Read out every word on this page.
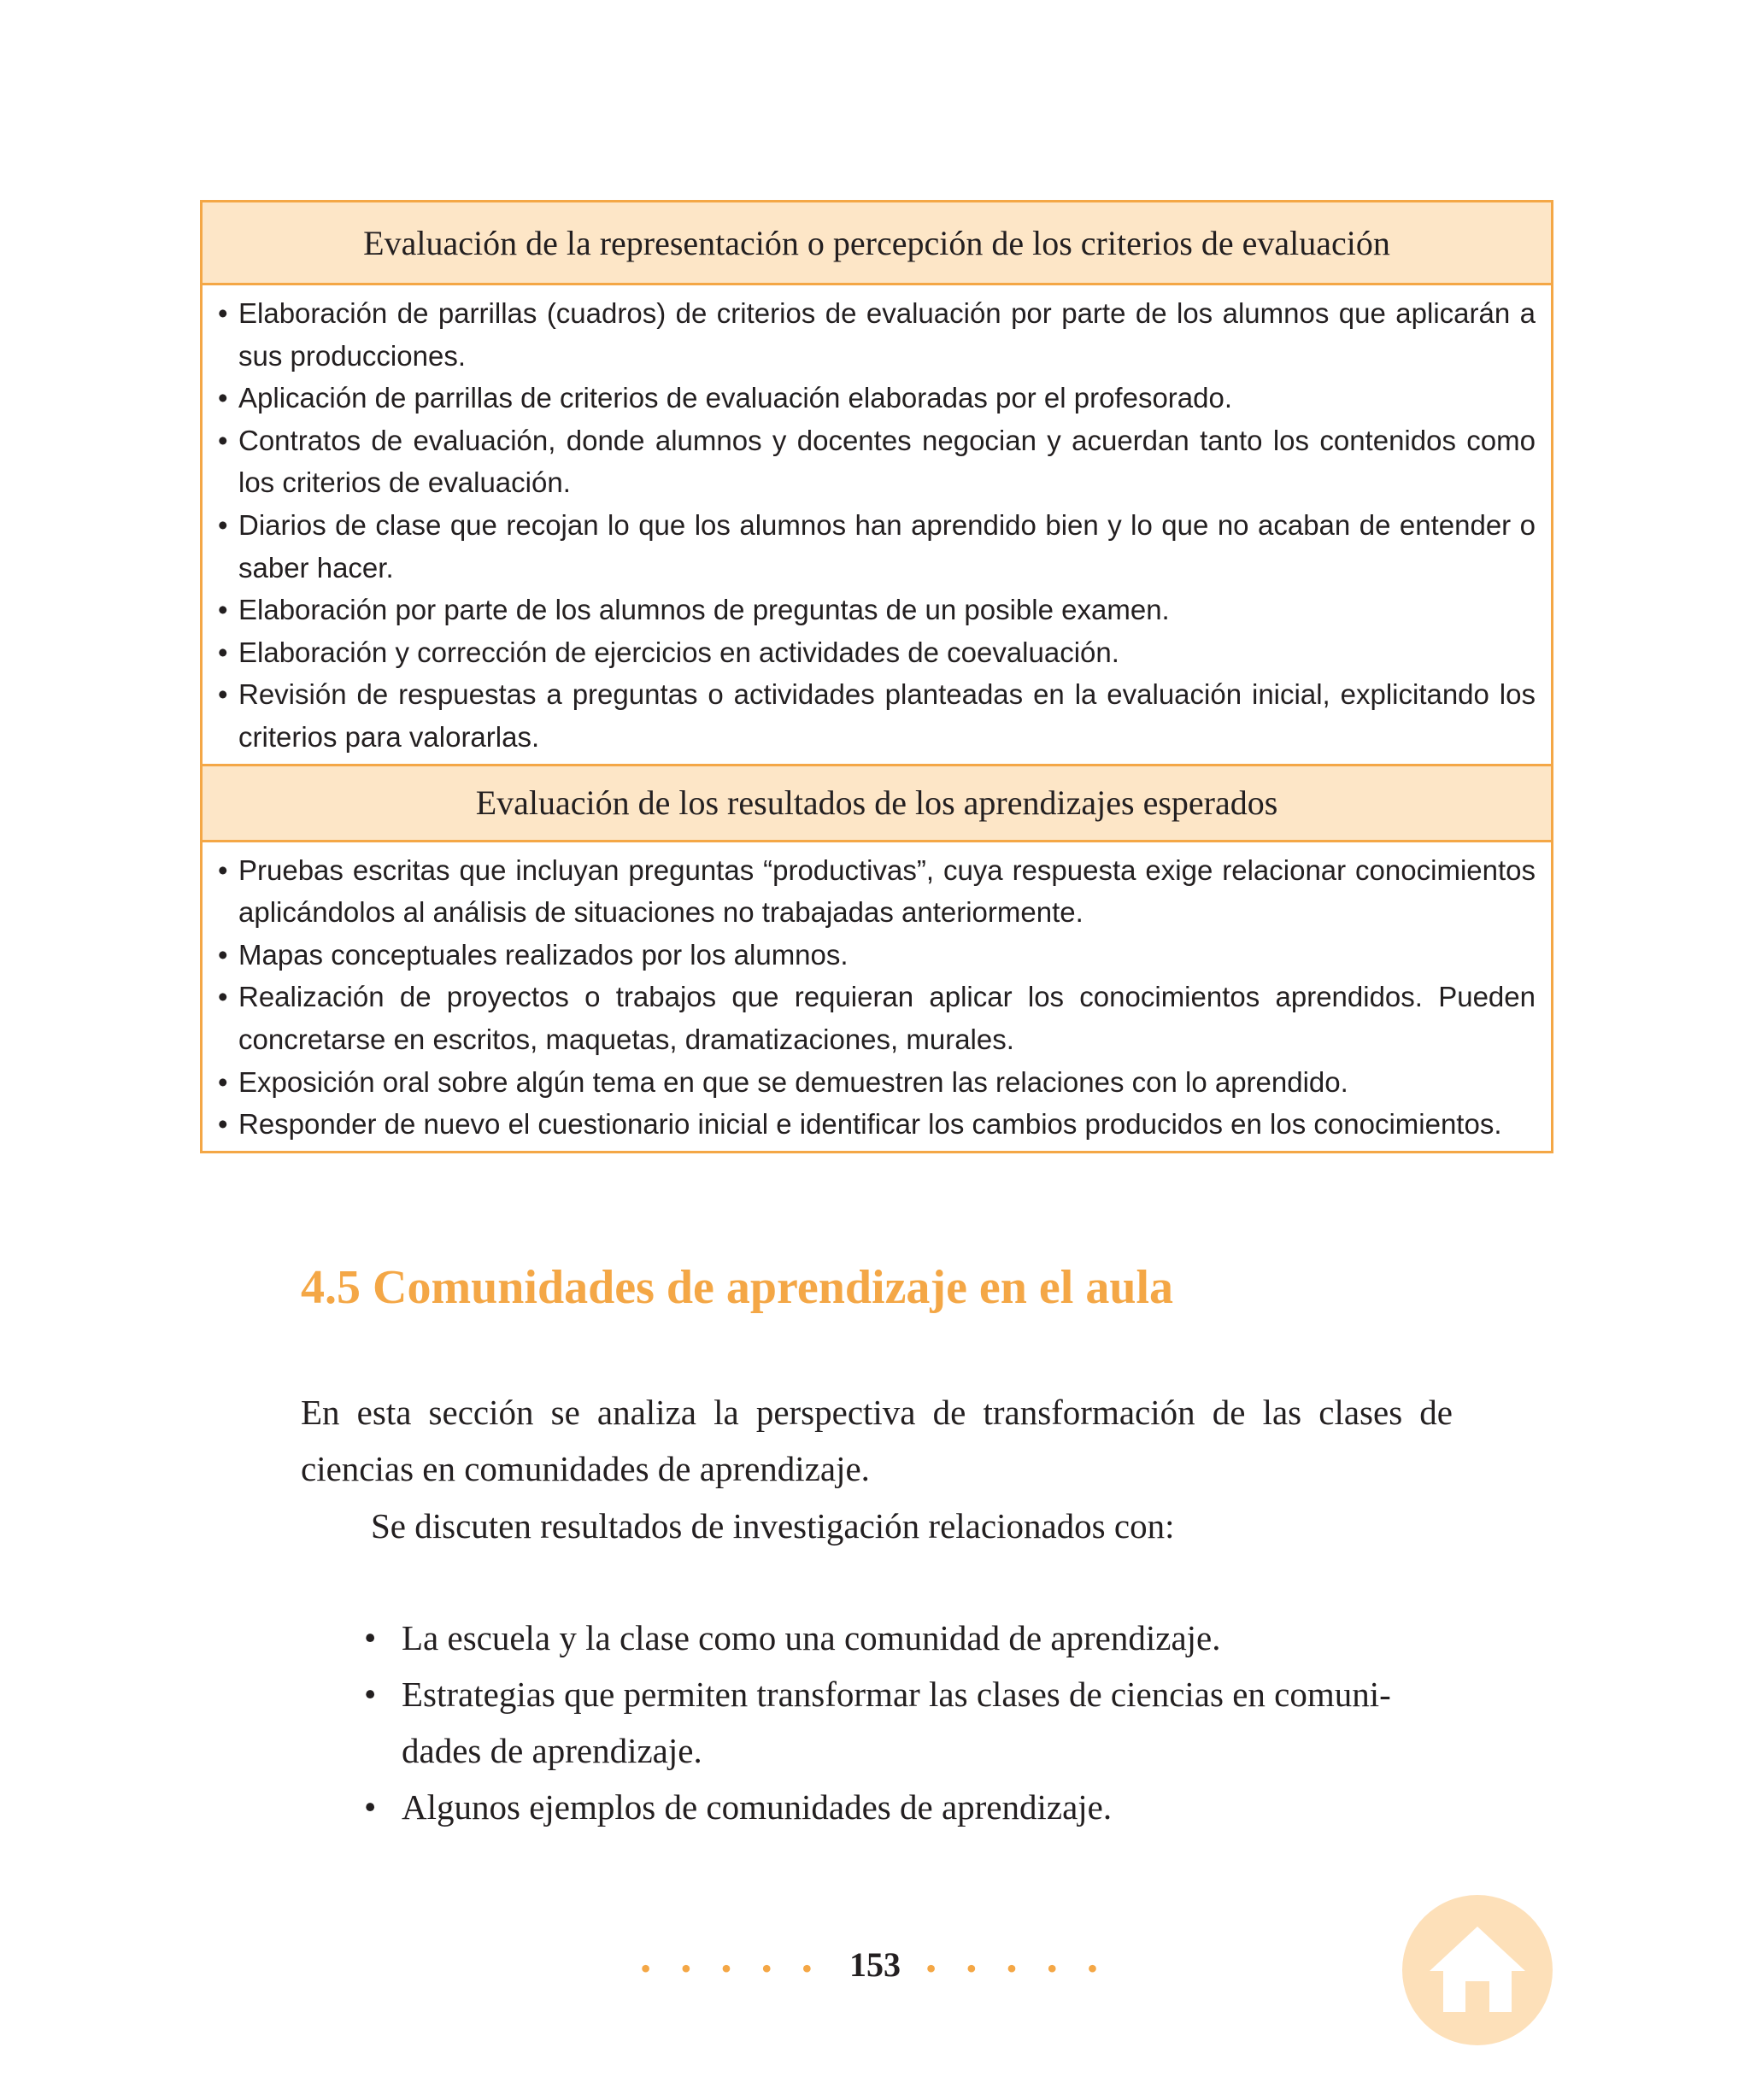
Evaluación de la representación o percepción de los criterios de evaluación
• Elaboración de parrillas (cuadros) de criterios de evaluación por parte de los alumnos que aplicarán a sus producciones.
• Aplicación de parrillas de criterios de evaluación elaboradas por el profesorado.
• Contratos de evaluación, donde alumnos y docentes negocian y acuerdan tanto los contenidos como los criterios de evaluación.
• Diarios de clase que recojan lo que los alumnos han aprendido bien y lo que no acaban de entender o saber hacer.
• Elaboración por parte de los alumnos de preguntas de un posible examen.
• Elaboración y corrección de ejercicios en actividades de coevaluación.
• Revisión de respuestas a preguntas o actividades planteadas en la evaluación inicial, explicitando los criterios para valorarlas.
Evaluación de los resultados de los aprendizajes esperados
• Pruebas escritas que incluyan preguntas “productivas”, cuya respuesta exige relacionar conocimientos aplicándolos al análisis de situaciones no trabajadas anteriormente.
• Mapas conceptuales realizados por los alumnos.
• Realización de proyectos o trabajos que requieran aplicar los conocimientos aprendidos. Pueden concretarse en escritos, maquetas, dramatizaciones, murales.
• Exposición oral sobre algún tema en que se demuestren las relaciones con lo aprendido.
• Responder de nuevo el cuestionario inicial e identificar los cambios producidos en los conocimientos.
4.5 Comunidades de aprendizaje en el aula
En esta sección se analiza la perspectiva de transformación de las clases de ciencias en comunidades de aprendizaje.
Se discuten resultados de investigación relacionados con:
• La escuela y la clase como una comunidad de aprendizaje.
• Estrategias que permiten transformar las clases de ciencias en comuni-dades de aprendizaje.
• Algunos ejemplos de comunidades de aprendizaje.
• • • • • 153 • • • • •
